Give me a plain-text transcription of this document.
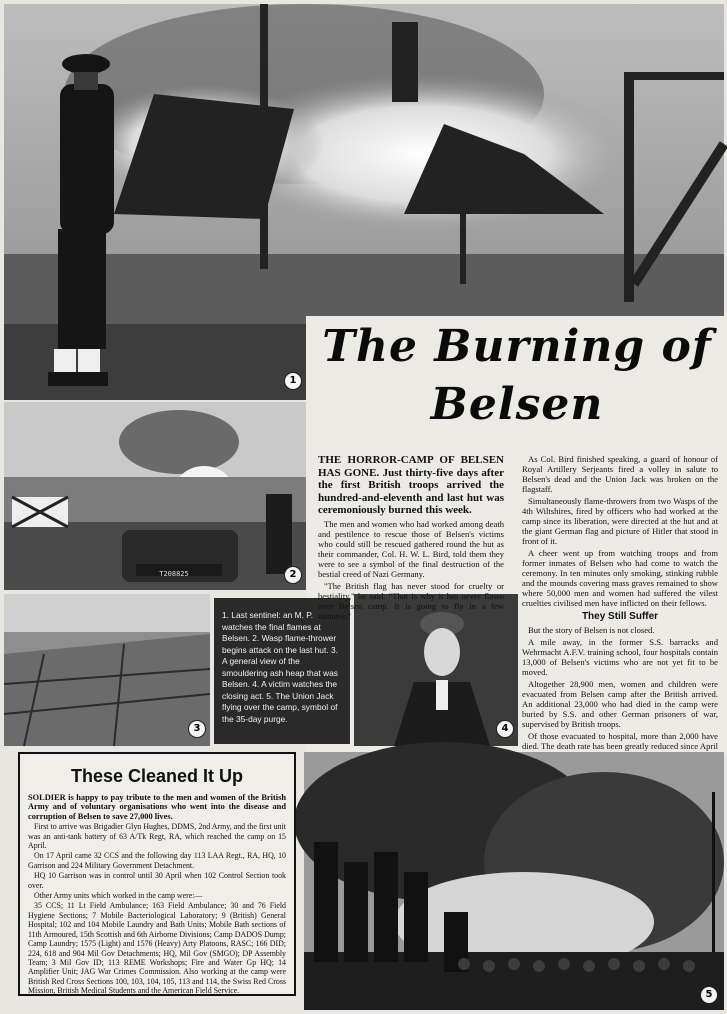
1
The Burning of Belsen
T208825	2
3
1. Last sentinel: an M. P. watches the final flames at Belsen. 2. Wasp flame-thrower begins attack on the last hut. 3. A general view of the smouldering ash heap that was Belsen. 4. A victim watches the closing act. 5. The Union Jack flying over the camp, symbol of the 35-day purge.
4

THE HORROR-CAMP OF BELSEN HAS GONE. Just thirty-five days after the first British troops arrived the hundred-and-eleventh and last hut was ceremoniously burned this week.

The men and women who had worked among death and pestilence to rescue those of Belsen's victims who could still be rescued gathered round the hut as their commander, Col. H. W. L. Bird, told them they were to see a symbol of the final destruction of the bestial creed of Nazi Germany.

"The British flag has never stood for cruelty or bestiality," he said. "That is why it has never flown over Belsen camp. It is going to fly in a few minutes."

As Col. Bird finished speaking, a guard of honour of Royal Artillery Serjeants fired a volley in salute to Belsen's dead and the Union Jack was broken on the flagstaff.

Simultaneously flame-throwers from two Wasps of the 4th Wiltshires, fired by officers who had worked at the camp since its liberation, were directed at the hut and at the giant German flag and picture of Hitler that stood in front of it.

A cheer went up from watching troops and from former inmates of Belsen who had come to watch the ceremony. In ten minutes only smoking, stinking rubble and the mounds covering mass graves remained to show where 50,000 men and women had suffered the vilest cruelties civilised men have inflicted on their fellows.

They Still Suffer

But the story of Belsen is not closed.

A mile away, in the former S.S. barracks and Wehrmacht A.F.V. training school, four hospitals contain 13,000 of Belsen's victims who are not yet fit to be moved.

Altogether 28,900 men, women and children were evacuated from Belsen camp after the British arrived. An additional 23,000 who had died in the camp were buried by S.S. and other German prisoners of war, supervised by British troops.

Of those evacuated to hospital, more than 2,000 have died. The death rate has been greatly reduced since April

5
These Cleaned It Up

SOLDIER is happy to pay tribute to the men and women of the British Army and of voluntary organisations who went into the disease and corruption of Belsen to save 27,000 lives.

First to arrive was Brigadier Glyn Hughes, DDMS, 2nd Army, and the first unit was an anti-tank battery of 63 A/Tk Regt, RA, which reached the camp on 15 April.

On 17 April came 32 CCS and the following day 113 LAA Regt., RA, HQ, 10 Garrison and 224 Military Government Detachment.

HQ 10 Garrison was in control until 30 April when 102 Control Section took over.

Other Army units which worked in the camp were:—

35 CCS; 11 Lt Field Ambulance; 163 Field Ambulance; 30 and 76 Field Hygiene Sections; 7 Mobile Bacteriological Laboratory; 9 (British) General Hospital; 102 and 104 Mobile Laundry and Bath Units; Mobile Bath sections of 11th Armoured, 15th Scottish and 6th Airborne Divisions; Camp DADOS Dump; Camp Laundry; 1575 (Light) and 1576 (Heavy) Arty Platoons, RASC; 166 DID; 224, 618 and 904 Mil Gov Detachments; HQ, Mil Gov (SMGO); DP Assembly Team; 3 Mil Gov ID; 113 REME Workshops; Fire and Water Gp HQ; 14 Amplifier Unit; JAG War Crimes Commission. Also working at the camp were British Red Cross Sections 100, 103, 104, 105, 113 and 114, the Swiss Red Cross Mission, British Medical Students and the American Field Service.
